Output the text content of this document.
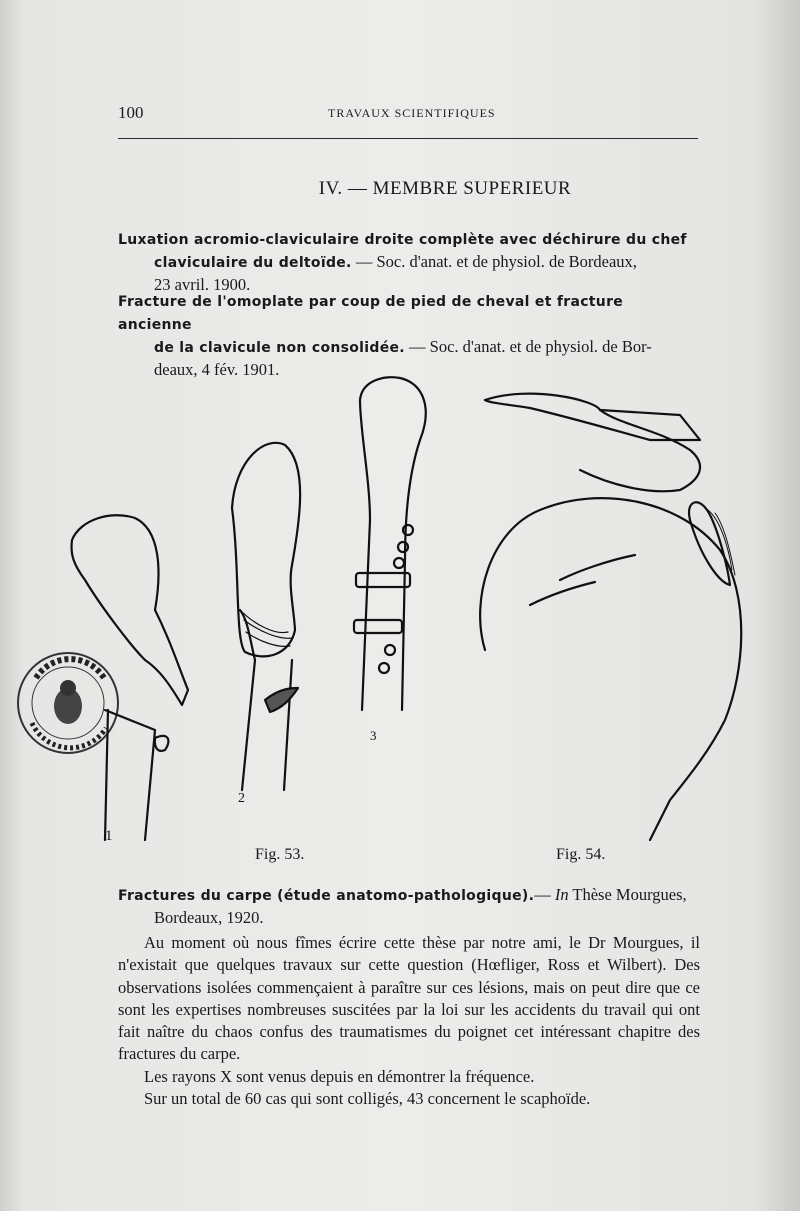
100	TRAVAUX SCIENTIFIQUES
IV. — MEMBRE SUPERIEUR
Luxation acromio-claviculaire droite complète avec déchirure du chef
claviculaire du deltoïde. — Soc. d'anat. et de physiol. de Bordeaux,
23 avril. 1900.
Fracture de l'omoplate par coup de pied de cheval et fracture ancienne
de la clavicule non consolidée. — Soc. d'anat. et de physiol. de Bor-
deaux, 4 fév. 1901.
1
2
3
Fig. 53.	Fig. 54.
Fractures du carpe (étude anatomo-pathologique).— In Thèse Mourgues,
Bordeaux, 1920.

Au moment où nous fîmes écrire cette thèse par notre ami, le Dr Mourgues, il n'existait que quelques travaux sur cette question (Hœfliger, Ross et Wilbert). Des observations isolées commençaient à paraître sur ces lésions, mais on peut dire que ce sont les expertises nombreuses suscitées par la loi sur les accidents du travail qui ont fait naître du chaos confus des traumatismes du poignet cet intéressant chapitre des fractures du carpe.

Les rayons X sont venus depuis en démontrer la fréquence.

Sur un total de 60 cas qui sont colligés, 43 concernent le scaphoïde.
